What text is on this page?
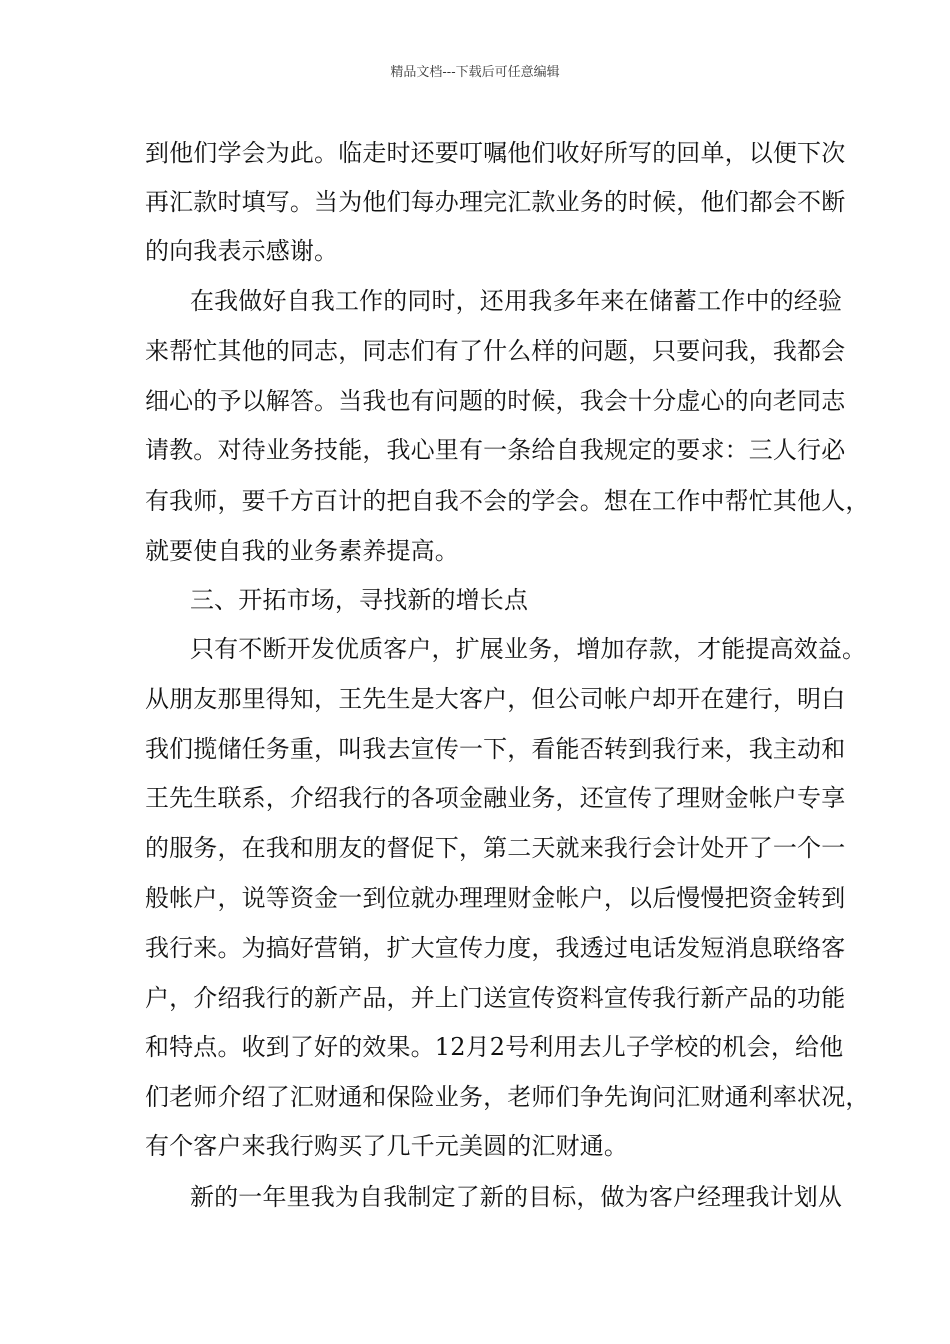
精品文档---下载后可任意编辑
到他们学会为此。临走时还要叮嘱他们收好所写的回单，以便下次
再汇款时填写。当为他们每办理完汇款业务的时候，他们都会不断
的向我表示感谢。
在我做好自我工作的同时，还用我多年来在储蓄工作中的经验
来帮忙其他的同志，同志们有了什么样的问题，只要问我，我都会
细心的予以解答。当我也有问题的时候，我会十分虚心的向老同志
请教。对待业务技能，我心里有一条给自我规定的要求：三人行必
有我师，要千方百计的把自我不会的学会。想在工作中帮忙其他人，
就要使自我的业务素养提高。
三、开拓市场，寻找新的增长点
只有不断开发优质客户，扩展业务，增加存款，才能提高效益。
从朋友那里得知，王先生是大客户，但公司帐户却开在建行，明白
我们揽储任务重，叫我去宣传一下，看能否转到我行来，我主动和
王先生联系，介绍我行的各项金融业务，还宣传了理财金帐户专享
的服务，在我和朋友的督促下，第二天就来我行会计处开了一个一
般帐户，说等资金一到位就办理理财金帐户，以后慢慢把资金转到
我行来。为搞好营销，扩大宣传力度，我透过电话发短消息联络客
户，介绍我行的新产品，并上门送宣传资料宣传我行新产品的功能
和特点。收到了好的效果。12月2号利用去儿子学校的机会，给他
们老师介绍了汇财通和保险业务，老师们争先询问汇财通利率状况，
有个客户来我行购买了几千元美圆的汇财通。
新的一年里我为自我制定了新的目标，做为客户经理我计划从
